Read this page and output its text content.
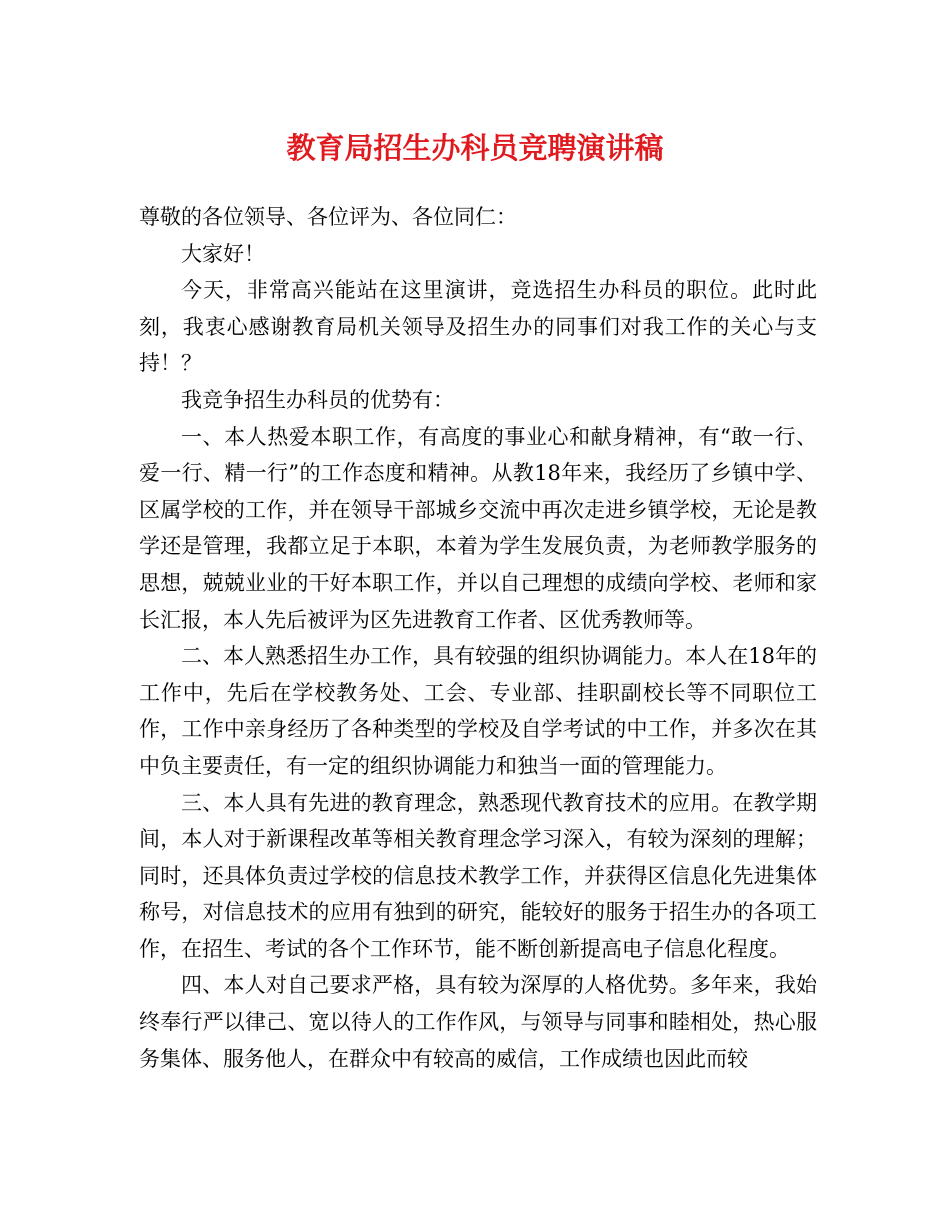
教育局招生办科员竞聘演讲稿

尊敬的各位领导、各位评为、各位同仁：

大家好！

今天，非常高兴能站在这里演讲，竞选招生办科员的职位。此时此刻，我衷心感谢教育局机关领导及招生办的同事们对我工作的关心与支持！？

我竞争招生办科员的优势有：

一、本人热爱本职工作，有高度的事业心和献身精神，有“敢一行、爱一行、精一行”的工作态度和精神。从教18年来，我经历了乡镇中学、区属学校的工作，并在领导干部城乡交流中再次走进乡镇学校，无论是教学还是管理，我都立足于本职，本着为学生发展负责，为老师教学服务的思想，兢兢业业的干好本职工作，并以自己理想的成绩向学校、老师和家长汇报，本人先后被评为区先进教育工作者、区优秀教师等。

二、本人熟悉招生办工作，具有较强的组织协调能力。本人在18年的工作中，先后在学校教务处、工会、专业部、挂职副校长等不同职位工作，工作中亲身经历了各种类型的学校及自学考试的中工作，并多次在其中负主要责任，有一定的组织协调能力和独当一面的管理能力。

三、本人具有先进的教育理念，熟悉现代教育技术的应用。在教学期间，本人对于新课程改革等相关教育理念学习深入，有较为深刻的理解；同时，还具体负责过学校的信息技术教学工作，并获得区信息化先进集体称号，对信息技术的应用有独到的研究，能较好的服务于招生办的各项工作，在招生、考试的各个工作环节，能不断创新提高电子信息化程度。

四、本人对自己要求严格，具有较为深厚的人格优势。多年来，我始终奉行严以律己、宽以待人的工作作风，与领导与同事和睦相处，热心服务集体、服务他人，在群众中有较高的威信，工作成绩也因此而较
